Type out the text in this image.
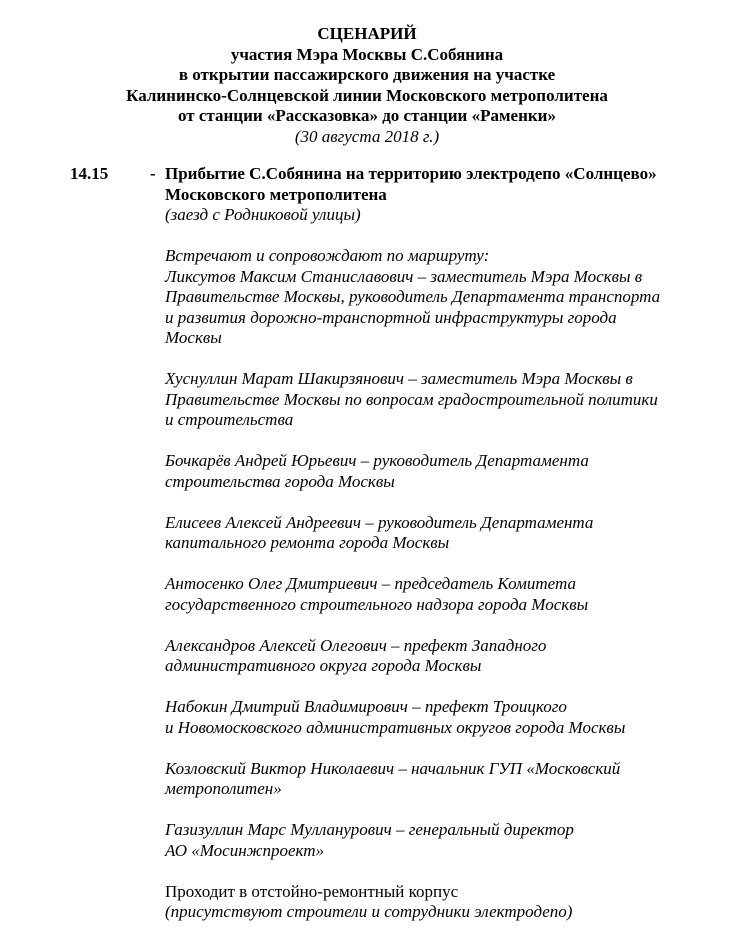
СЦЕНАРИЙ
участия Мэра Москвы С.Собянина
в открытии пассажирского движения на участке
Калининско-Солнцевской линии Московского метрополитена
от станции «Рассказовка» до станции «Раменки»
(30 августа 2018 г.)
14.15 - Прибытие С.Собянина на территорию электродепо «Солнцево»
Московского метрополитена
(заезд с Родниковой улицы)
Встречают и сопровождают по маршруту:
Ликсутов Максим Станиславович – заместитель Мэра Москвы в
Правительстве Москвы, руководитель Департамента транспорта
и развития дорожно-транспортной инфраструктуры города
Москвы
Хуснуллин Марат Шакирзянович – заместитель Мэра Москвы в
Правительстве Москвы по вопросам градостроительной политики
и строительства
Бочкарёв Андрей Юрьевич – руководитель Департамента
строительства города Москвы
Елисеев Алексей Андреевич – руководитель Департамента
капитального ремонта города Москвы
Антосенко Олег Дмитриевич – председатель Комитета
государственного строительного надзора города Москвы
Александров Алексей Олегович – префект Западного
административного округа города Москвы
Набокин Дмитрий Владимирович – префект Троицкого
и Новомосковского административных округов города Москвы
Козловский Виктор Николаевич – начальник ГУП «Московский
метрополитен»
Газизуллин Марс Мулланурович – генеральный директор
АО «Мосинжпроект»
Проходит в отстойно-ремонтный корпус
(присутствуют строители и сотрудники электродепо)
